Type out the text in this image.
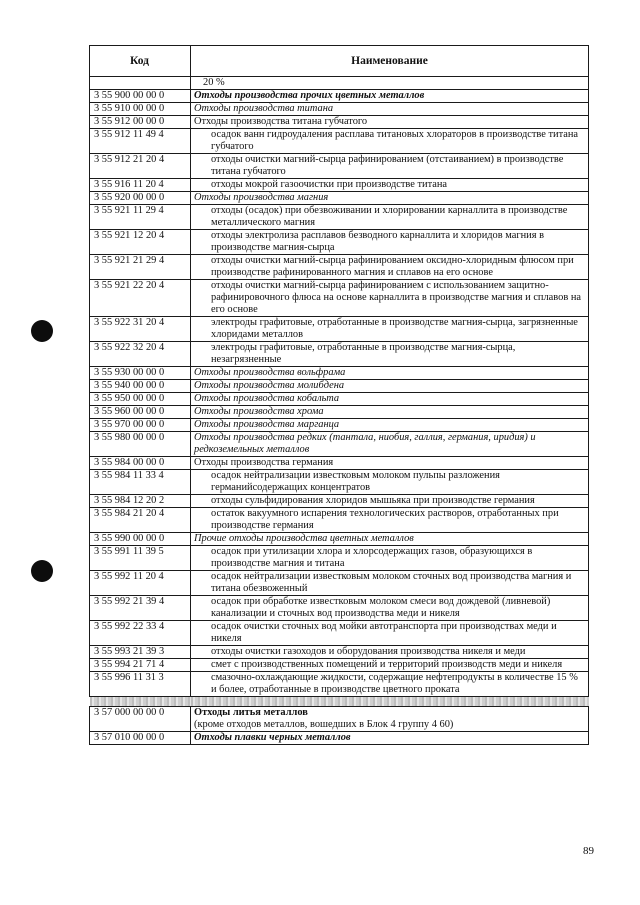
Код	Наименование
	20 %
3 55 900 00 00 0	Отходы производства прочих цветных металлов
3 55 910 00 00 0	Отходы производства титана
3 55 912 00 00 0	Отходы производства титана губчатого
3 55 912 11 49 4	осадок ванн гидроудаления расплава титановых хлораторов в производстве титана губчатого
3 55 912 21 20 4	отходы очистки магний-сырца рафинированием (отстаиванием) в производстве титана губчатого
3 55 916 11 20 4	отходы мокрой газоочистки при производстве титана
3 55 920 00 00 0	Отходы производства магния
3 55 921 11 29 4	отходы (осадок) при обезвоживании и хлорировании карналлита в производстве металлического магния
3 55 921 12 20 4	отходы электролиза расплавов безводного карналлита и хлоридов магния в производстве магния-сырца
3 55 921 21 29 4	отходы очистки магний-сырца рафинированием оксидно-хлоридным флюсом при производстве рафинированного магния и сплавов на его основе
3 55 921 22 20 4	отходы очистки магний-сырца рафинированием с использованием защитно-рафинировочного флюса на основе карналлита в производстве магния и сплавов на его основе
3 55 922 31 20 4	электроды графитовые, отработанные в производстве магния-сырца, загрязненные хлоридами металлов
3 55 922 32 20 4	электроды графитовые, отработанные в производстве магния-сырца, незагрязненные
3 55 930 00 00 0	Отходы производства вольфрама
3 55 940 00 00 0	Отходы производства молибдена
3 55 950 00 00 0	Отходы производства кобальта
3 55 960 00 00 0	Отходы производства хрома
3 55 970 00 00 0	Отходы производства марганца
3 55 980 00 00 0	Отходы производства редких (тантала, ниобия, галлия, германия, иридия) и редкоземельных металлов
3 55 984 00 00 0	Отходы производства германия
3 55 984 11 33 4	осадок нейтрализации известковым молоком пульпы разложения германийсодержащих концентратов
3 55 984 12 20 2	отходы сульфидирования хлоридов мышьяка при производстве германия
3 55 984 21 20 4	остаток вакуумного испарения технологических растворов, отработанных при производстве германия
3 55 990 00 00 0	Прочие отходы производства цветных металлов
3 55 991 11 39 5	осадок при утилизации хлора и хлорсодержащих газов, образующихся в производстве магния и титана
3 55 992 11 20 4	осадок нейтрализации известковым молоком сточных вод производства магния и титана обезвоженный
3 55 992 21 39 4	осадок при обработке известковым молоком смеси вод дождевой (ливневой) канализации и сточных вод производства меди и никеля
3 55 992 22 33 4	осадок очистки сточных вод мойки автотранспорта при производствах меди и никеля
3 55 993 21 39 3	отходы очистки газоходов и оборудования производства никеля и меди
3 55 994 21 71 4	смет с производственных помещений и территорий производств меди и никеля
3 55 996 11 31 3	смазочно-охлаждающие жидкости, содержащие нефтепродукты в количестве 15 % и более, отработанные в производстве цветного проката

3 57 000 00 00 0	Отходы литья металлов
(кроме отходов металлов, вошедших в Блок 4 группу 4 60)

3 57 010 00 00 0	Отходы плавки черных металлов
89
